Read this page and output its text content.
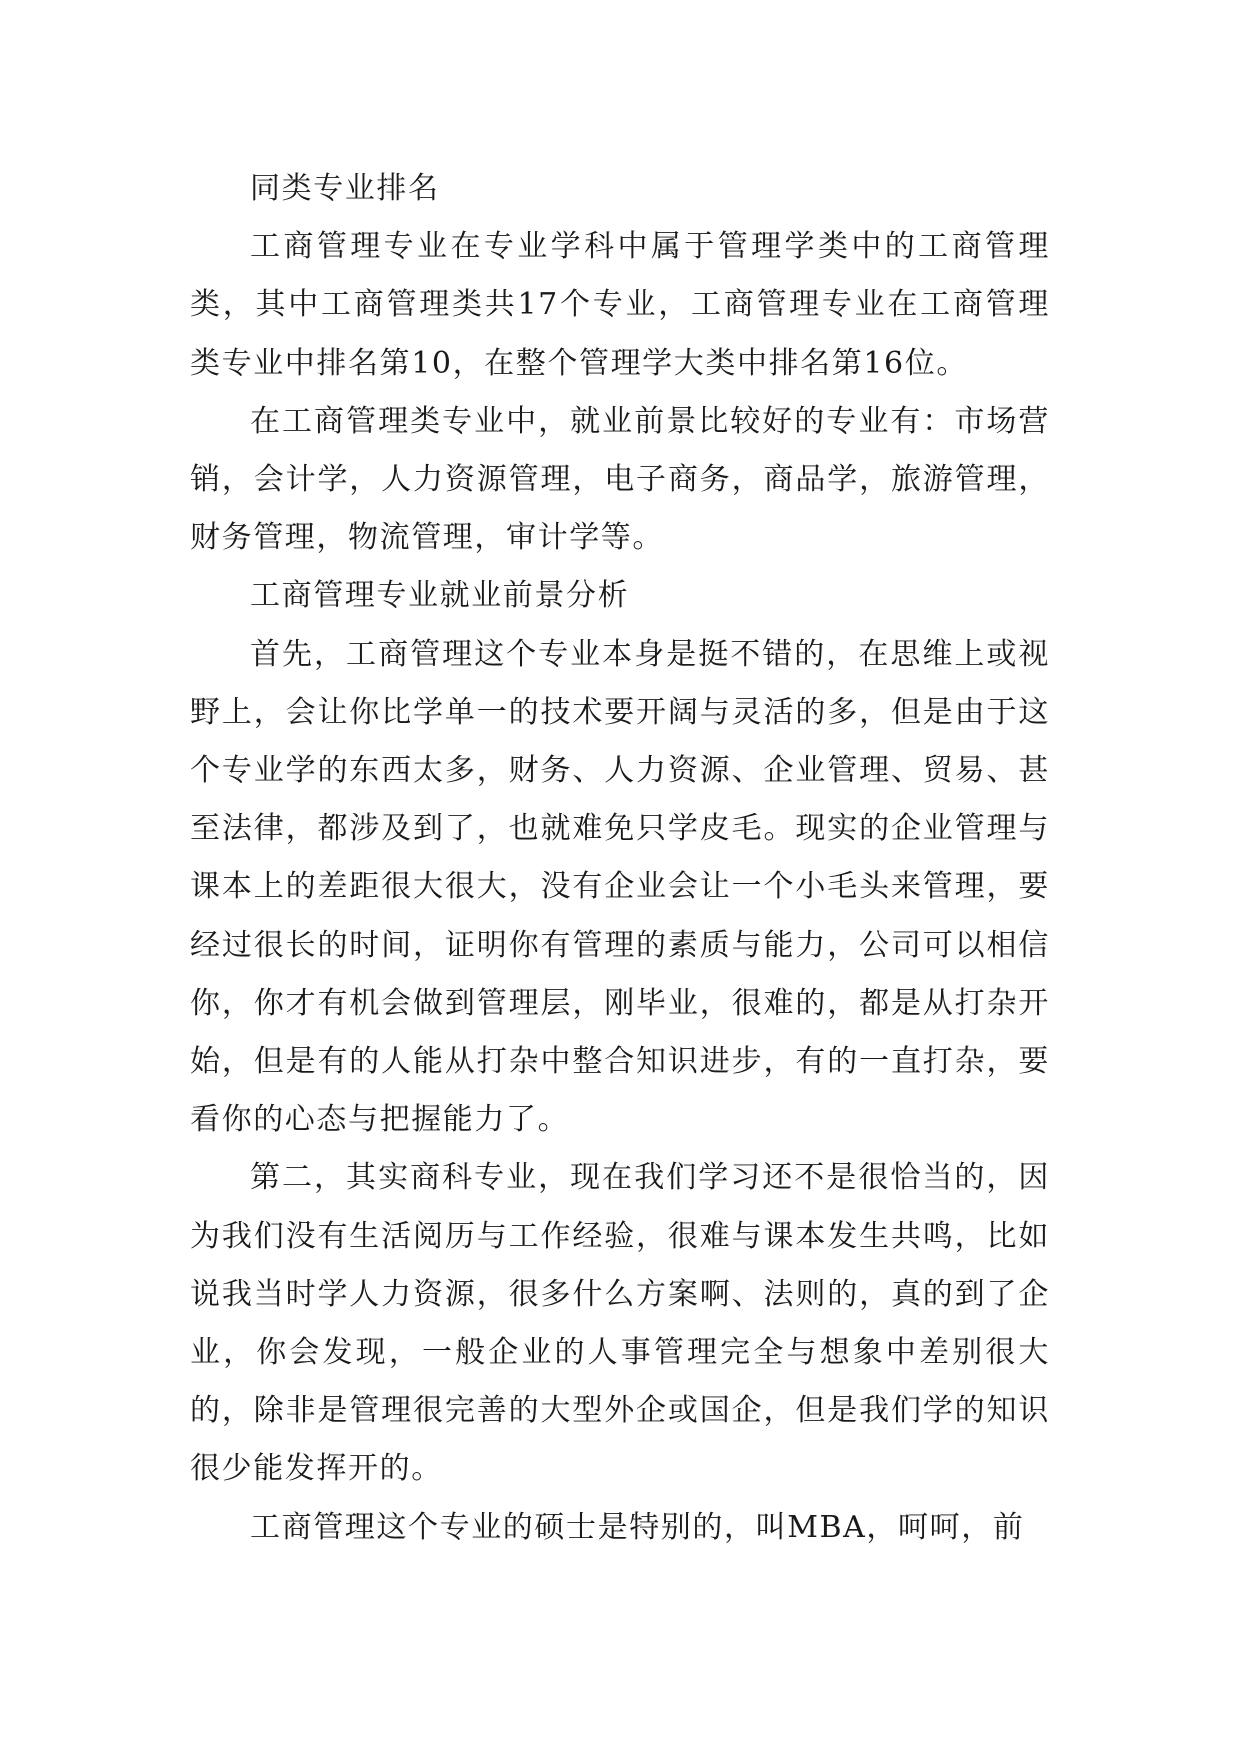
同类专业排名

工商管理专业在专业学科中属于管理学类中的工商管理类，其中工商管理类共17个专业，工商管理专业在工商管理类专业中排名第10，在整个管理学大类中排名第16位。

在工商管理类专业中，就业前景比较好的专业有：市场营销，会计学，人力资源管理，电子商务，商品学，旅游管理，财务管理，物流管理，审计学等。

工商管理专业就业前景分析

首先，工商管理这个专业本身是挺不错的，在思维上或视野上，会让你比学单一的技术要开阔与灵活的多，但是由于这个专业学的东西太多，财务、人力资源、企业管理、贸易、甚至法律，都涉及到了，也就难免只学皮毛。现实的企业管理与课本上的差距很大很大，没有企业会让一个小毛头来管理，要经过很长的时间，证明你有管理的素质与能力，公司可以相信你，你才有机会做到管理层，刚毕业，很难的，都是从打杂开始，但是有的人能从打杂中整合知识进步，有的一直打杂，要看你的心态与把握能力了。

第二，其实商科专业，现在我们学习还不是很恰当的，因为我们没有生活阅历与工作经验，很难与课本发生共鸣，比如说我当时学人力资源，很多什么方案啊、法则的，真的到了企业，你会发现，一般企业的人事管理完全与想象中差别很大的，除非是管理很完善的大型外企或国企，但是我们学的知识很少能发挥开的。

工商管理这个专业的硕士是特别的，叫MBA，呵呵，前
